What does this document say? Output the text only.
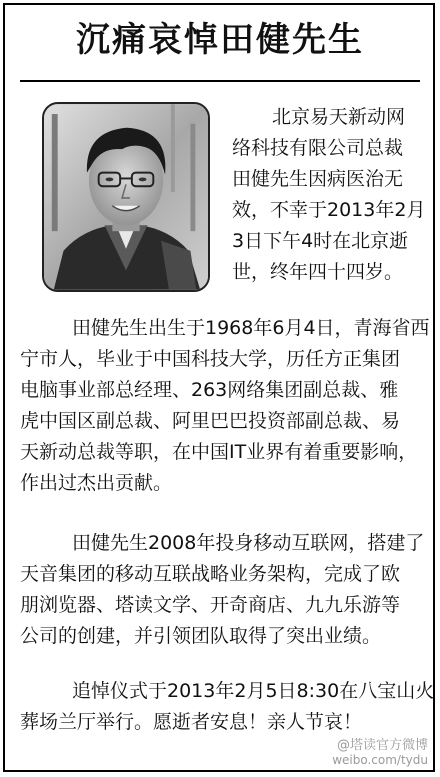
沉痛哀悼田健先生
北京易天新动网
络科技有限公司总裁
田健先生因病医治无
效，不幸于2013年2月
3日下午4时在北京逝
世，终年四十四岁。
田健先生出生于1968年6月4日，青海省西
宁市人，毕业于中国科技大学，历任方正集团
电脑事业部总经理、263网络集团副总裁、雅
虎中国区副总裁、阿里巴巴投资部副总裁、易
天新动总裁等职，在中国IT业界有着重要影响，
作出过杰出贡献。
田健先生2008年投身移动互联网，搭建了
天音集团的移动互联战略业务架构，完成了欧
朋浏览器、塔读文学、开奇商店、九九乐游等
公司的创建，并引领团队取得了突出业绩。
追悼仪式于2013年2月5日8:30在八宝山火
葬场兰厅举行。愿逝者安息！亲人节哀！
@塔读官方微博
weibo.com/tydu
